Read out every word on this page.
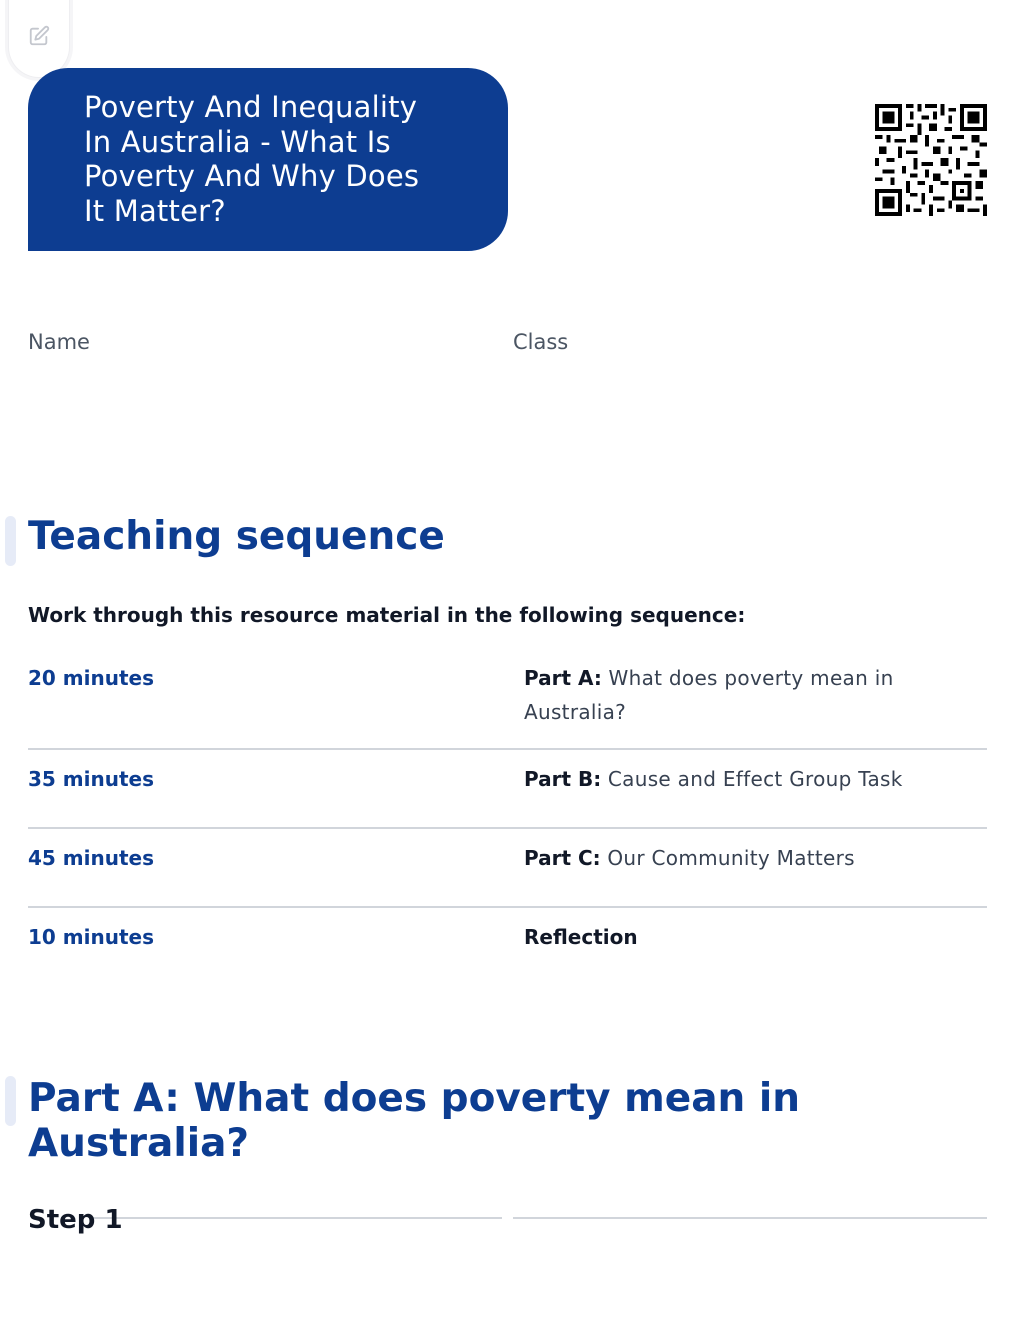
Poverty And Inequality
In Australia - What Is
Poverty And Why Does
It Matter?
Name	Class
Teaching sequence
Work through this resource material in the following sequence:
20 minutes	Part A: What does poverty mean in Australia?
35 minutes	Part B: Cause and Effect Group Task
45 minutes	Part C: Our Community Matters
10 minutes	Reflection
Part A: What does poverty mean in Australia?
Step 1
